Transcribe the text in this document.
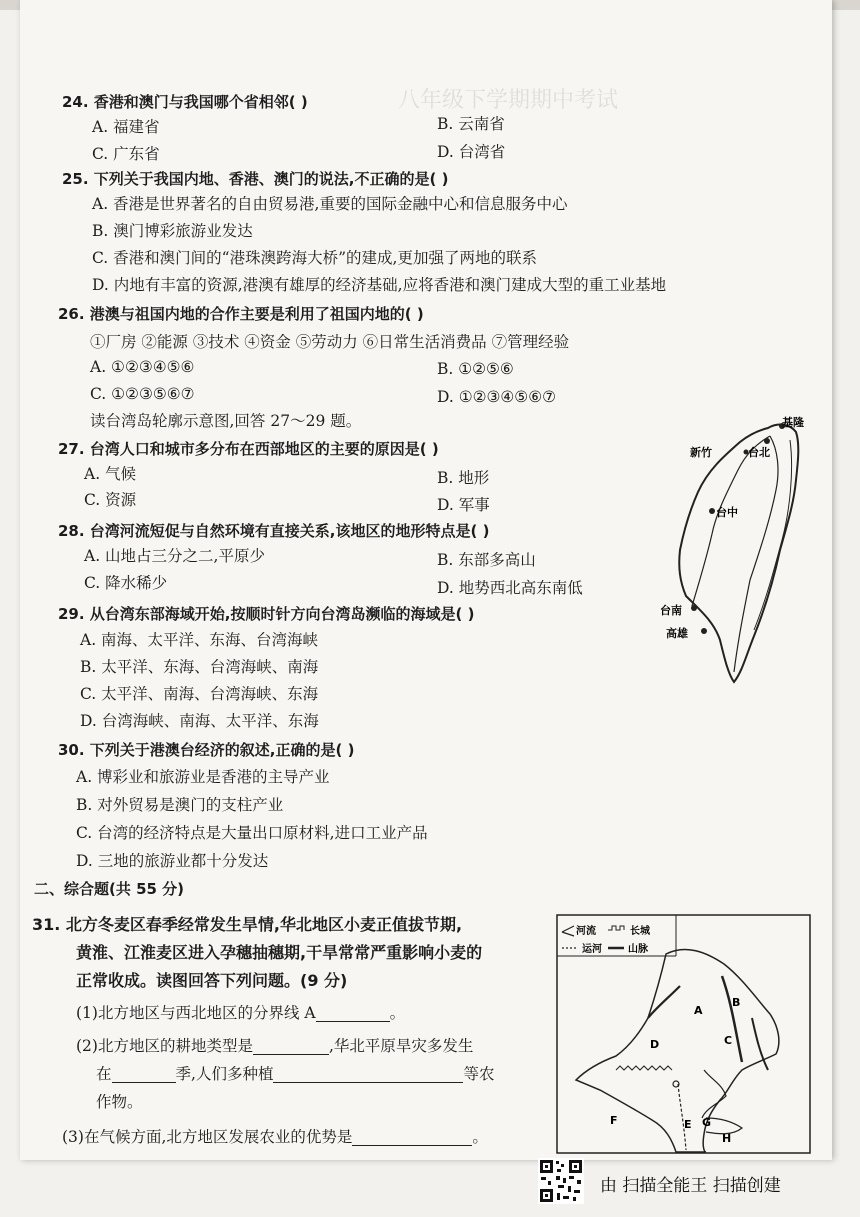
八年级下学期期中考试
24. 香港和澳门与我国哪个省相邻( )
A. 福建省	B. 云南省
C. 广东省	D. 台湾省
25. 下列关于我国内地、香港、澳门的说法,不正确的是( )
A. 香港是世界著名的自由贸易港,重要的国际金融中心和信息服务中心
B. 澳门博彩旅游业发达
C. 香港和澳门间的“港珠澳跨海大桥”的建成,更加强了两地的联系
D. 内地有丰富的资源,港澳有雄厚的经济基础,应将香港和澳门建成大型的重工业基地
26. 港澳与祖国内地的合作主要是利用了祖国内地的( )
①厂房 ②能源 ③技术 ④资金 ⑤劳动力 ⑥日常生活消费品 ⑦管理经验
A. ①②③④⑤⑥	B. ①②⑤⑥
C. ①②③⑤⑥⑦	D. ①②③④⑤⑥⑦
读台湾岛轮廓示意图,回答 27～29 题。
27. 台湾人口和城市多分布在西部地区的主要的原因是( )
A. 气候	B. 地形
C. 资源	D. 军事
28. 台湾河流短促与自然环境有直接关系,该地区的地形特点是( )
A. 山地占三分之二,平原少	B. 东部多高山
C. 降水稀少	D. 地势西北高东南低
29. 从台湾东部海域开始,按顺时针方向台湾岛濒临的海域是( )
A. 南海、太平洋、东海、台湾海峡
B. 太平洋、东海、台湾海峡、南海
C. 太平洋、南海、台湾海峡、东海
D. 台湾海峡、南海、太平洋、东海
30. 下列关于港澳台经济的叙述,正确的是( )
A. 博彩业和旅游业是香港的主导产业
B. 对外贸易是澳门的支柱产业
C. 台湾的经济特点是大量出口原材料,进口工业产品
D. 三地的旅游业都十分发达
二、综合题(共 55 分)
31. 北方冬麦区春季经常发生旱情,华北地区小麦正值拔节期,
黄淮、江淮麦区进入孕穗抽穗期,干旱常常严重影响小麦的
正常收成。读图回答下列问题。(9 分)
(1)北方地区与西北地区的分界线 A	。
(2)北方地区的耕地类型是	,华北平原旱灾多发生
在	季,人们多种植	等农
作物。
(3)在气候方面,北方地区发展农业的优势是	。
基隆
新竹	台北
台中
台南
高雄
河流	长城
运河	山脉
A
B
C
D
E
F	G
H
由 扫描全能王 扫描创建
